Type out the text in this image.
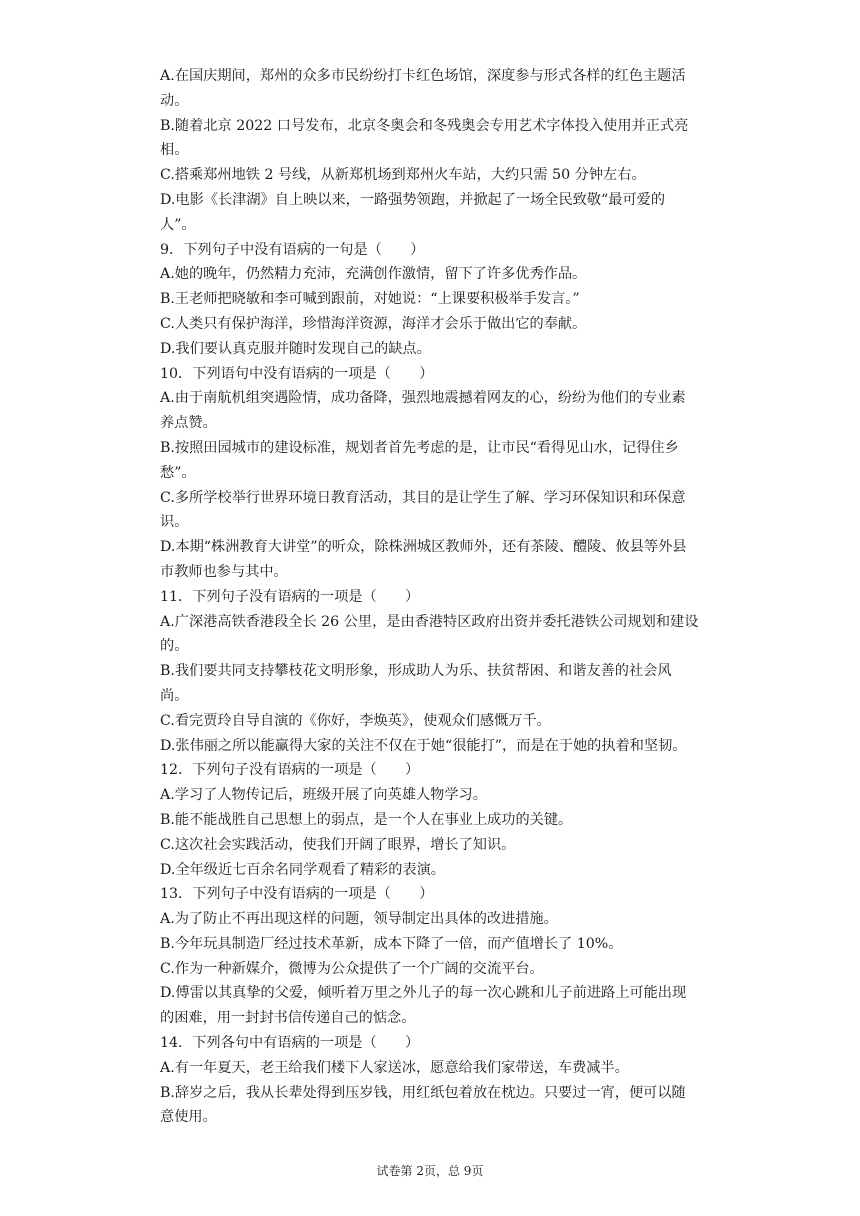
A.在国庆期间，郑州的众多市民纷纷打卡红色场馆，深度参与形式各样的红色主题活
动。
B.随着北京 2022 口号发布，北京冬奥会和冬残奥会专用艺术字体投入使用并正式亮
相。
C.搭乘郑州地铁 2 号线，从新郑机场到郑州火车站，大约只需 50 分钟左右。
D.电影《长津湖》自上映以来，一路强势领跑，并掀起了一场全民致敬“最可爱的
人”。
9．下列句子中没有语病的一句是（　　）
A.她的晚年，仍然精力充沛，充满创作激情，留下了许多优秀作品。
B.王老师把晓敏和李可喊到跟前，对她说：“上课要积极举手发言。”
C.人类只有保护海洋，珍惜海洋资源，海洋才会乐于做出它的奉献。
D.我们要认真克服并随时发现自己的缺点。
10．下列语句中没有语病的一项是（　　）
A.由于南航机组突遇险情，成功备降，强烈地震撼着网友的心，纷纷为他们的专业素
养点赞。
B.按照田园城市的建设标准，规划者首先考虑的是，让市民“看得见山水，记得住乡
愁”。
C.多所学校举行世界环境日教育活动，其目的是让学生了解、学习环保知识和环保意
识。
D.本期“株洲教育大讲堂”的听众，除株洲城区教师外，还有茶陵、醴陵、攸县等外县
市教师也参与其中。
11．下列句子没有语病的一项是（　　）
A.广深港高铁香港段全长 26 公里，是由香港特区政府出资并委托港铁公司规划和建设
的。
B.我们要共同支持攀枝花文明形象，形成助人为乐、扶贫帮困、和谐友善的社会风
尚。
C.看完贾玲自导自演的《你好，李焕英》，使观众们感慨万千。
D.张伟丽之所以能赢得大家的关注不仅在于她“很能打”，而是在于她的执着和坚韧。
12．下列句子没有语病的一项是（　　）
A.学习了人物传记后，班级开展了向英雄人物学习。
B.能不能战胜自己思想上的弱点，是一个人在事业上成功的关键。
C.这次社会实践活动，使我们开阔了眼界，增长了知识。
D.全年级近七百余名同学观看了精彩的表演。
13．下列句子中没有语病的一项是（　　）
A.为了防止不再出现这样的问题，领导制定出具体的改进措施。
B.今年玩具制造厂经过技术革新，成本下降了一倍，而产值增长了 10%。
C.作为一种新媒介，微博为公众提供了一个广阔的交流平台。
D.傅雷以其真挚的父爱，倾听着万里之外儿子的每一次心跳和儿子前进路上可能出现
的困难，用一封封书信传递自己的惦念。
14．下列各句中有语病的一项是（　　）
A.有一年夏天，老王给我们楼下人家送冰，愿意给我们家带送，车费减半。
B.辞岁之后，我从长辈处得到压岁钱，用红纸包着放在枕边。只要过一宵，便可以随
意使用。
试卷第 2页，总 9页
